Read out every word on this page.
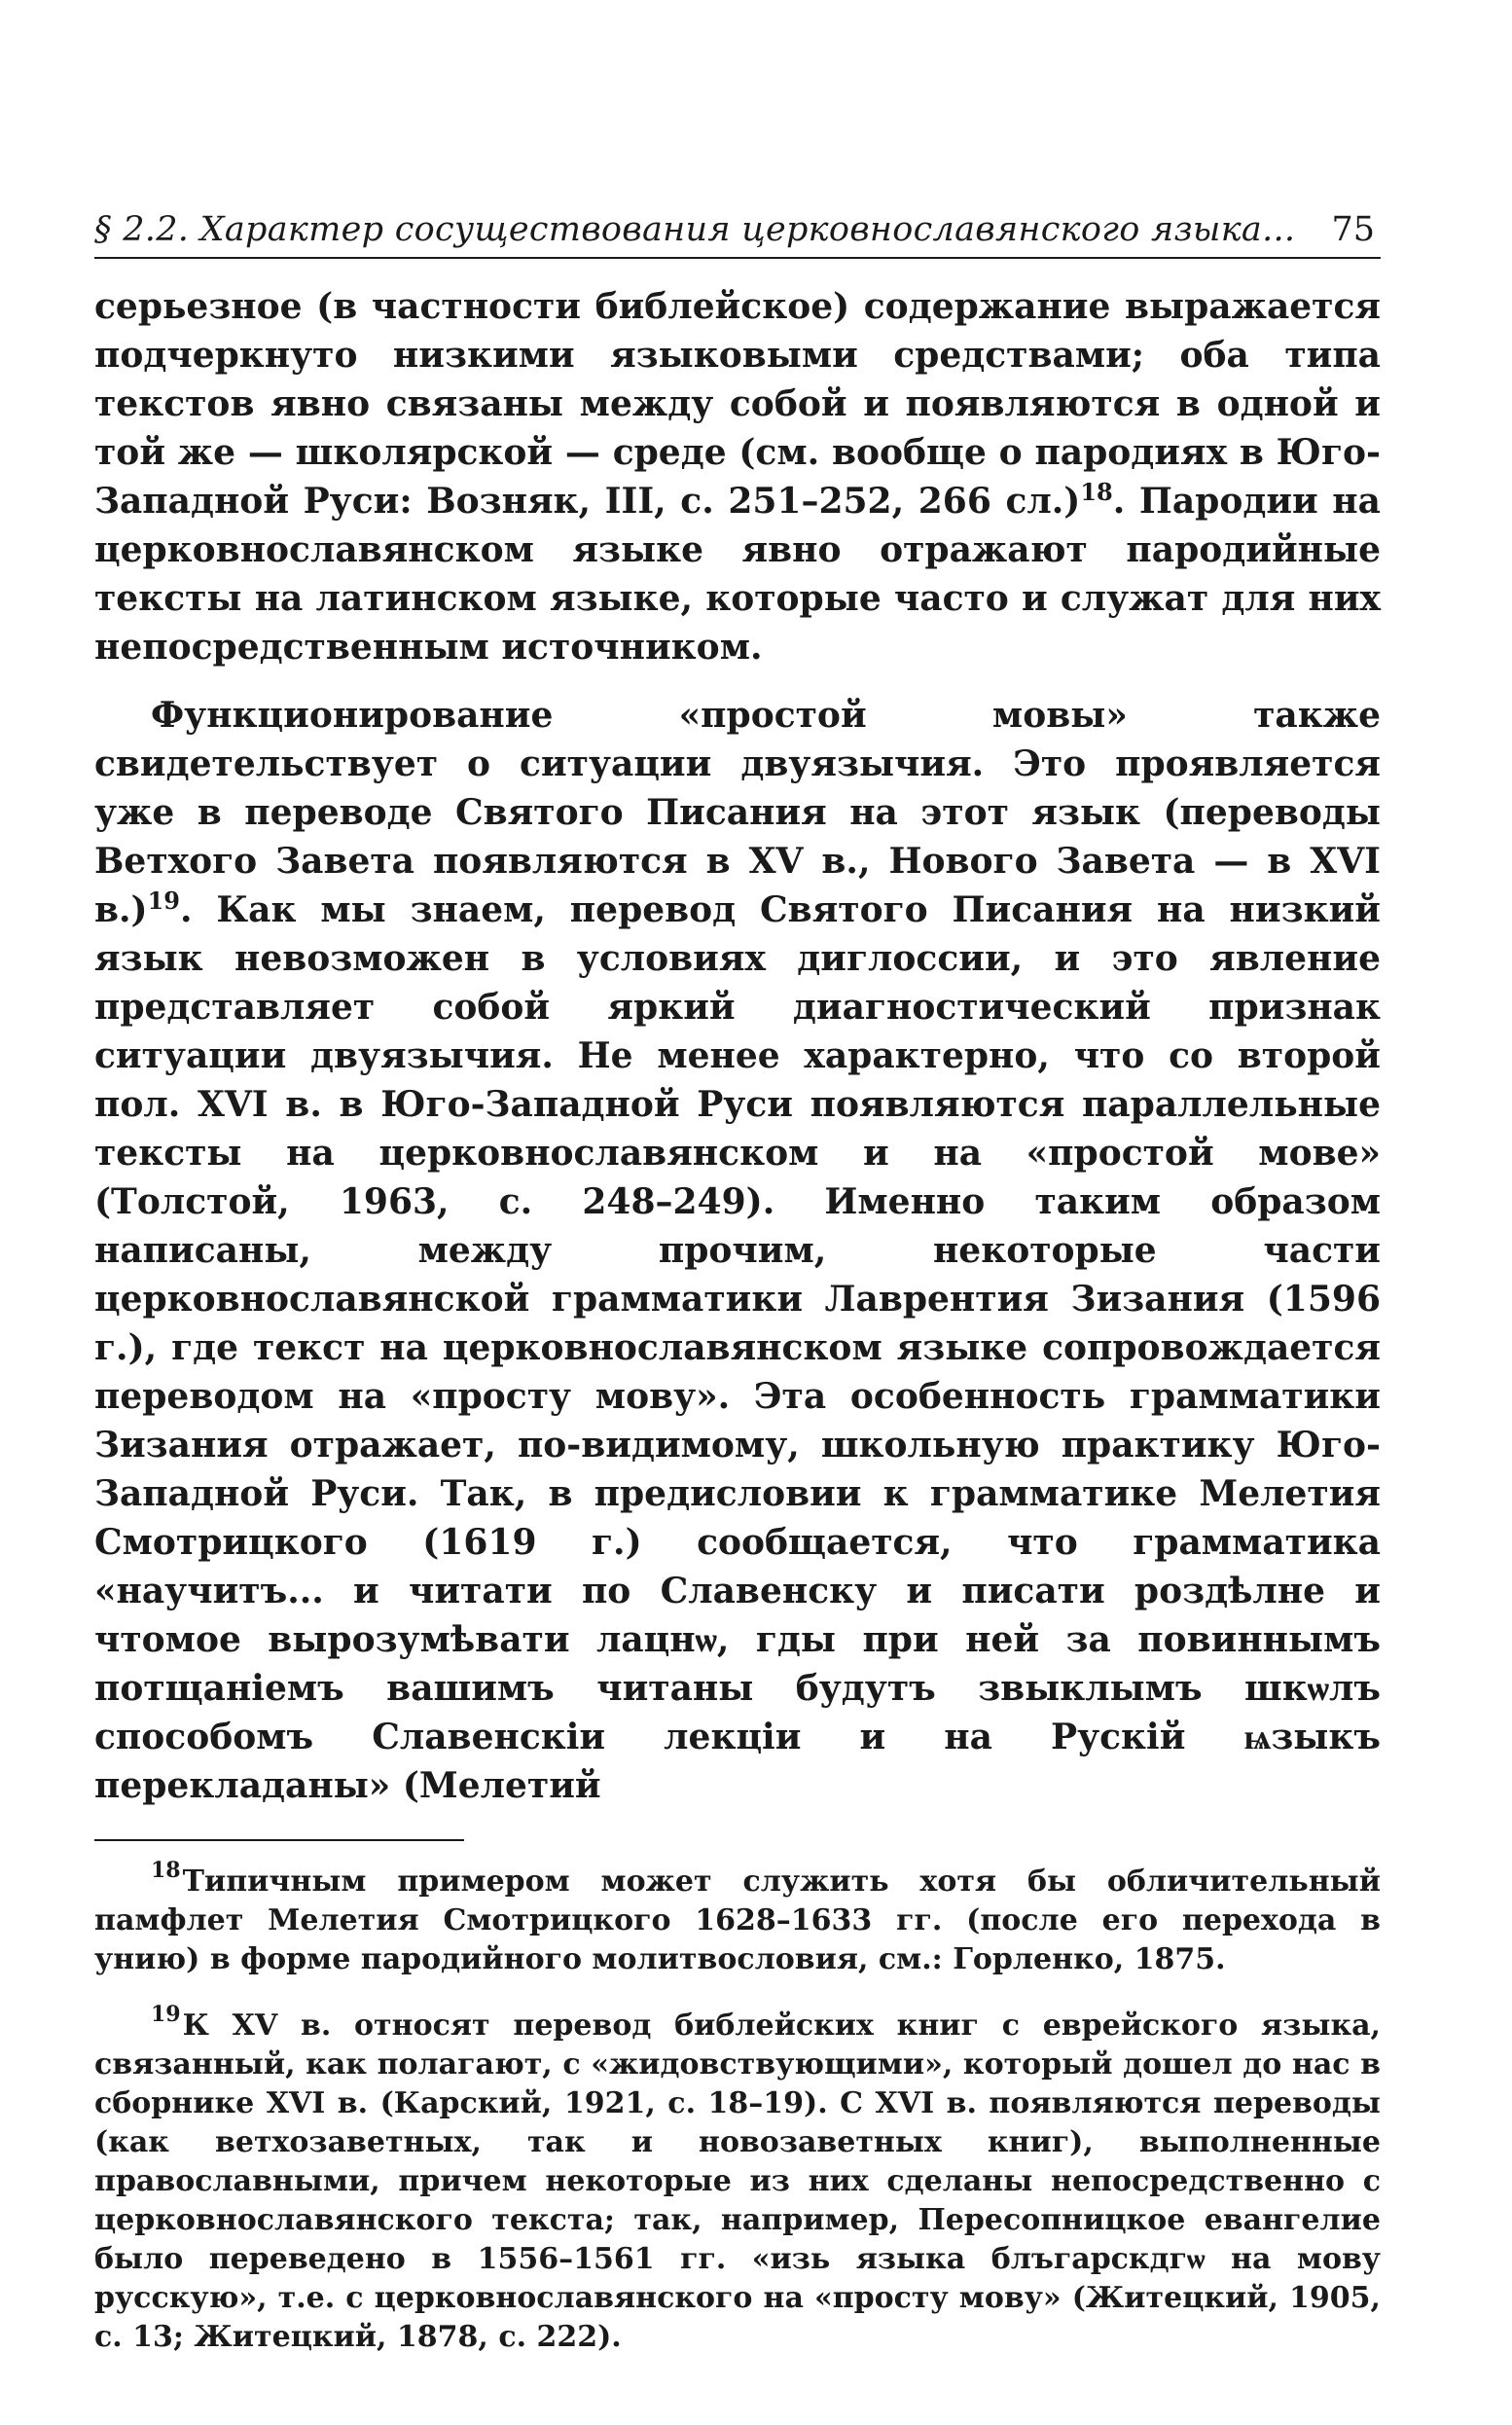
§ 2.2. Характер сосуществования церковнославянского языка... 75

серьезное (в частности библейское) содержание выражается подчеркнуто низкими языковыми средствами; оба типа текстов явно связаны между собой и появляются в одной и той же — школярской — среде (см. вообще о пародиях в Юго-Западной Руси: Возняк, III, с. 251–252, 266 сл.)$^{18}$. Пародии на церковнославянском языке явно отражают пародийные тексты на латинском языке, которые часто и служат для них непосредственным источником.

Функционирование «простой мовы» также свидетельствует о ситуации двуязычия. Это проявляется уже в переводе Святого Писания на этот язык (переводы Ветхого Завета появляются в XV в., Нового Завета — в XVI в.)$^{19}$. Как мы знаем, перевод Святого Писания на низкий язык невозможен в условиях диглоссии, и это явление представляет собой яркий диагностический признак ситуации двуязычия. Не менее характерно, что со второй пол. XVI в. в Юго-Западной Руси появляются параллельные тексты на церковнославянском и на «простой мове» (Толстой, 1963, с. 248–249). Именно таким образом написаны, между прочим, некоторые части церковнославянской грамматики Лаврентия Зизания (1596 г.), где текст на церковнославянском языке сопровождается переводом на «просту мову». Эта особенность грамматики Зизания отражает, по-видимому, школьную практику Юго-Западной Руси. Так, в предисловии к грамматике Мелетия Смотрицкого (1619 г.) сообщается, что грамматика «научитъ... и читати по Славенску и писати роздѣлне и чтомое вырозумѣвати лацнѡ, гды при ней за повиннымъ потщаніемъ вашимъ читаны будутъ звыклымъ шкѡлъ способомъ Славенскіи лекціи и на Рускій ѩзыкъ перекладаны» (Мелетий

$^{18}$Типичным примером может служить хотя бы обличительный памфлет Мелетия Смотрицкого 1628–1633 гг. (после его перехода в унию) в форме пародийного молитвословия, см.: Горленко, 1875.

$^{19}$К XV в. относят перевод библейских книг с еврейского языка, связанный, как полагают, с «жидовствующими», который дошел до нас в сборнике XVI в. (Карский, 1921, с. 18–19). С XVI в. появляются переводы (как ветхозаветных, так и новозаветных книг), выполненные православными, причем некоторые из них сделаны непосредственно с церковнославянского текста; так, например, Пересопницкое евангелие было переведено в 1556–1561 гг. «изь языка блъгарскдгѡ на мову русскую», т.е. с церковнославянского на «просту мову» (Житецкий, 1905, с. 13; Житецкий, 1878, с. 222).
